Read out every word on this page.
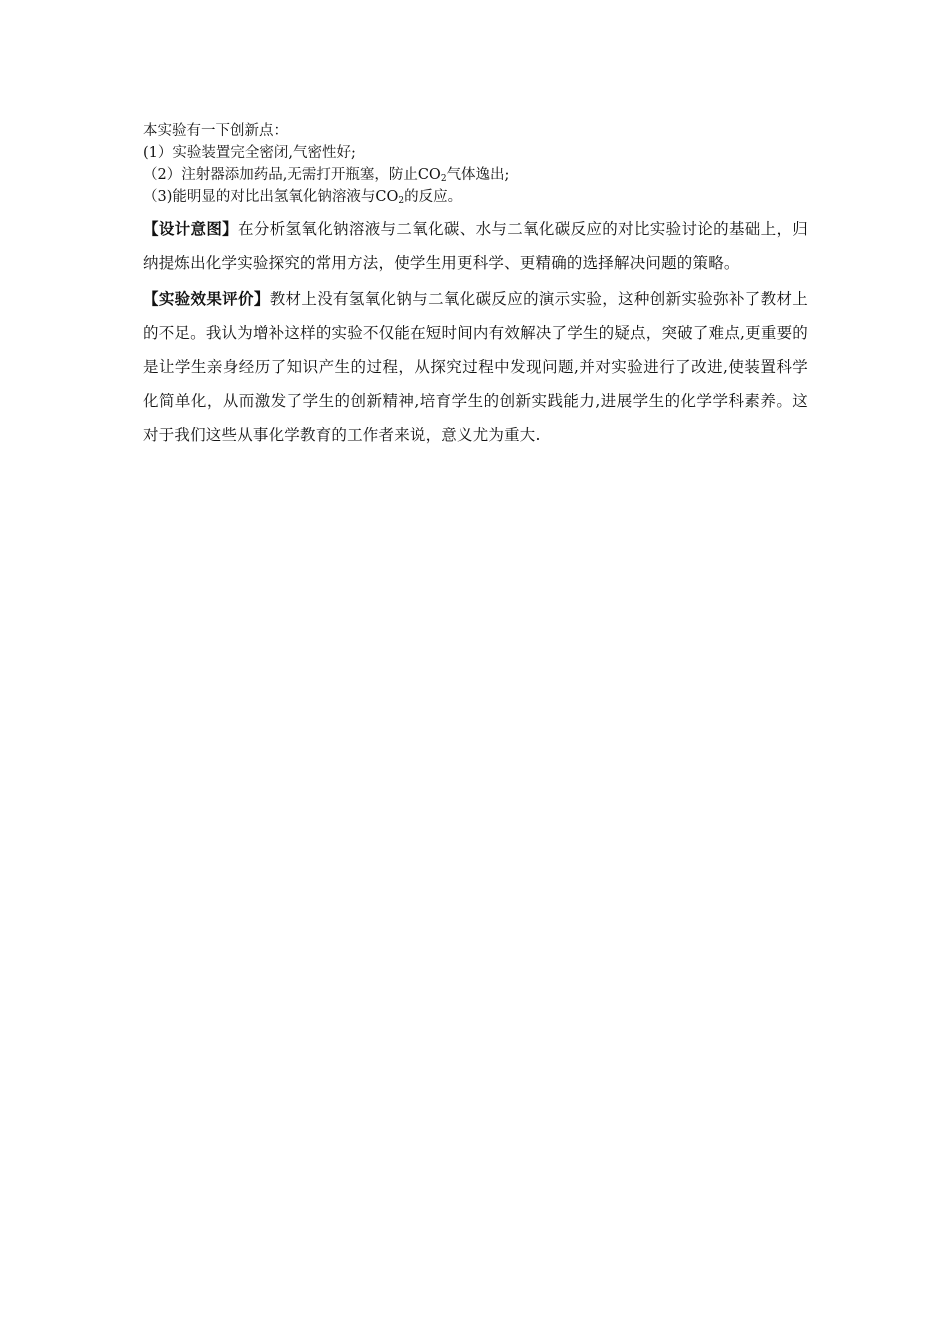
本实验有一下创新点：

(1）实验装置完全密闭,气密性好;

（2）注射器添加药品,无需打开瓶塞，防止$CO_2$气体逸出;

（3)能明显的对比出氢氧化钠溶液与$CO_2$的反应。

【设计意图】在分析氢氧化钠溶液与二氧化碳、水与二氧化碳反应的对比实验讨论的基础上，归纳提炼出化学实验探究的常用方法，使学生用更科学、更精确的选择解决问题的策略。

【实验效果评价】教材上没有氢氧化钠与二氧化碳反应的演示实验，这种创新实验弥补了教材上的不足。我认为增补这样的实验不仅能在短时间内有效解决了学生的疑点，突破了难点,更重要的是让学生亲身经历了知识产生的过程，从探究过程中发现问题,并对实验进行了改进,使装置科学化简单化，从而激发了学生的创新精神,培育学生的创新实践能力,进展学生的化学学科素养。这对于我们这些从事化学教育的工作者来说，意义尤为重大.
